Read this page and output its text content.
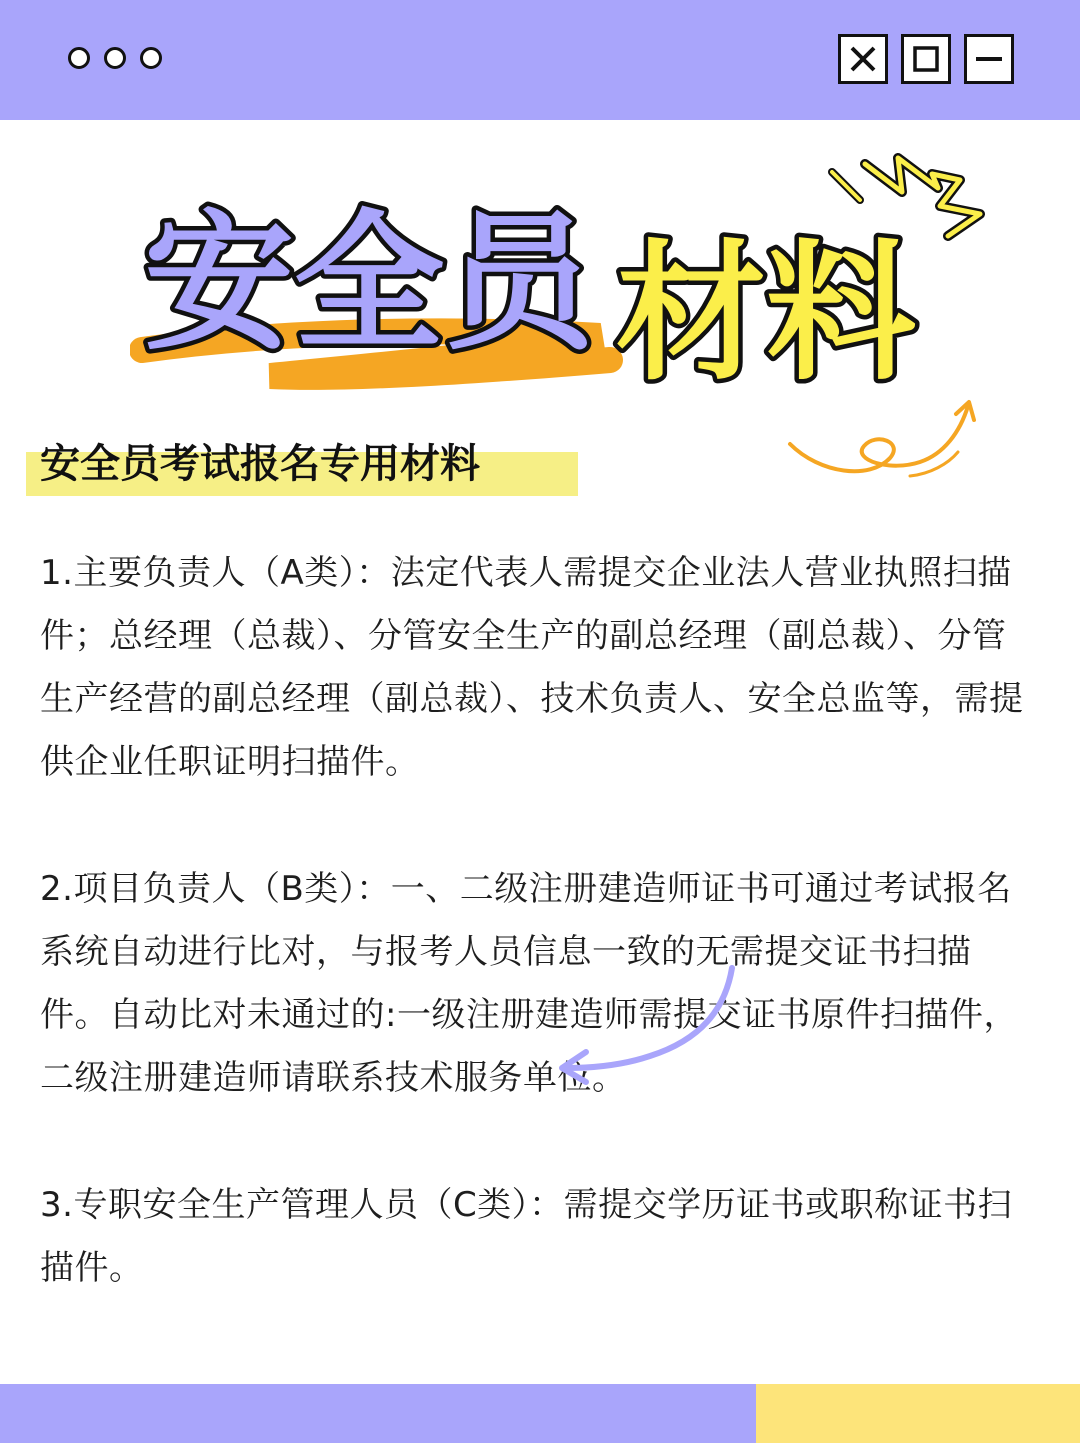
安全员 材料
安全员考试报名专用材料
1.主要负责人（A类）：法定代表人需提交企业法人营业执照扫描件；总经理（总裁）、分管安全生产的副总经理（副总裁）、分管生产经营的副总经理（副总裁）、技术负责人、安全总监等，需提供企业任职证明扫描件。
2.项目负责人（B类）：一、二级注册建造师证书可通过考试报名系统自动进行比对，与报考人员信息一致的无需提交证书扫描件。自动比对未通过的:一级注册建造师需提交证书原件扫描件，二级注册建造师请联系技术服务单位。
3.专职安全生产管理人员（C类）：需提交学历证书或职称证书扫描件。
